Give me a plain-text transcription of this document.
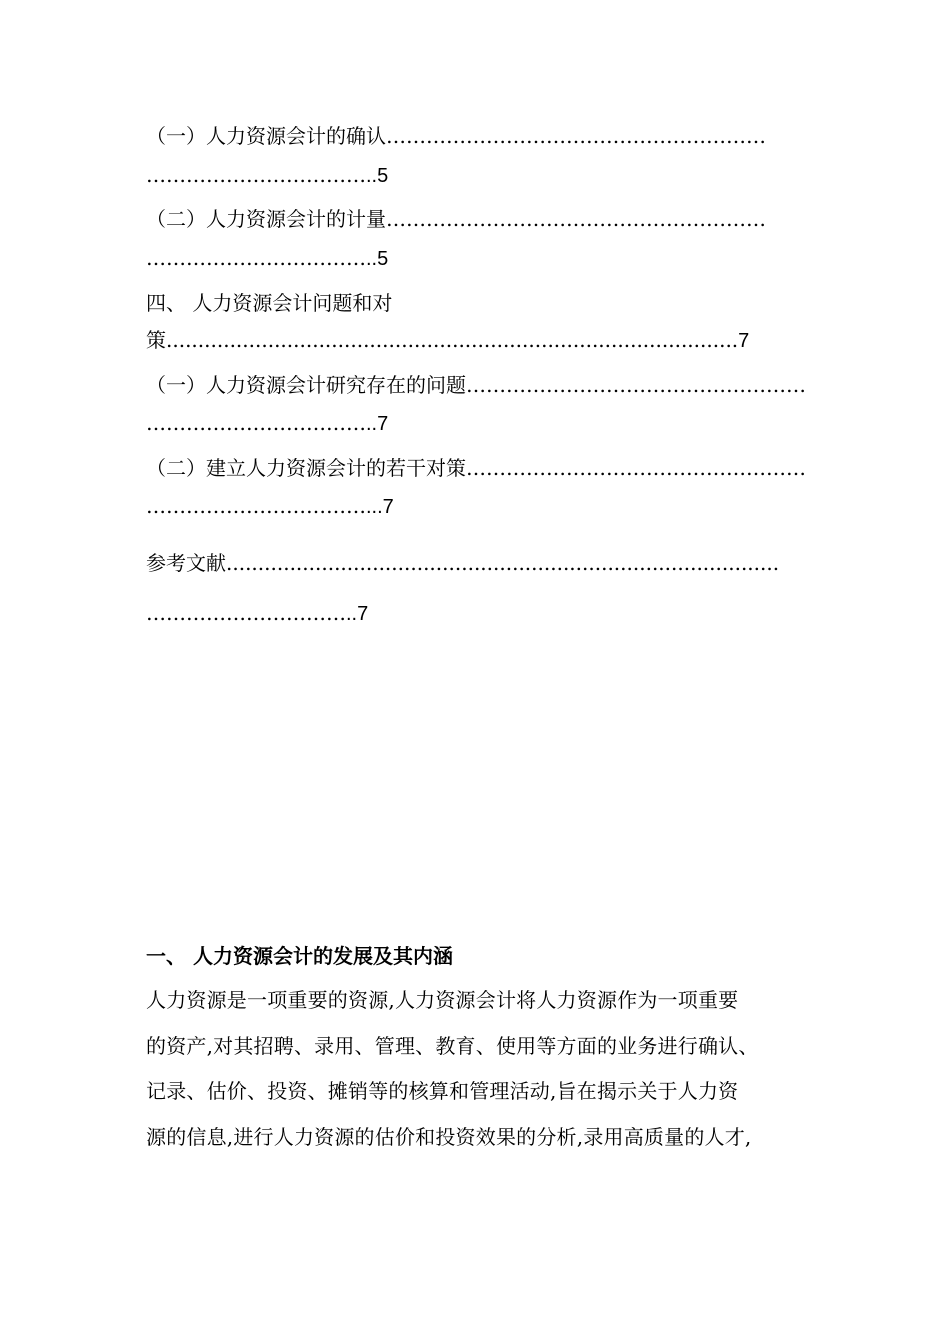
（一）人力资源会计的确认…………………………………………………
……………………………..5
（二）人力资源会计的计量…………………………………………………
……………………………..5
四、 人力资源会计问题和对
策..........................................................................................7
（一）人力资源会计研究存在的问题……………………………………………
……………………………..7
（二）建立人力资源会计的若干对策……………………………………………
……………………………...7
参考文献.......................................................................................
…………………………..7
一、 人力资源会计的发展及其内涵

人力资源是一项重要的资源,人力资源会计将人力资源作为一项重要

的资产,对其招聘、录用、管理、教育、使用等方面的业务进行确认、

记录、估价、投资、摊销等的核算和管理活动,旨在揭示关于人力资

源的信息,进行人力资源的估价和投资效果的分析,录用高质量的人才,
